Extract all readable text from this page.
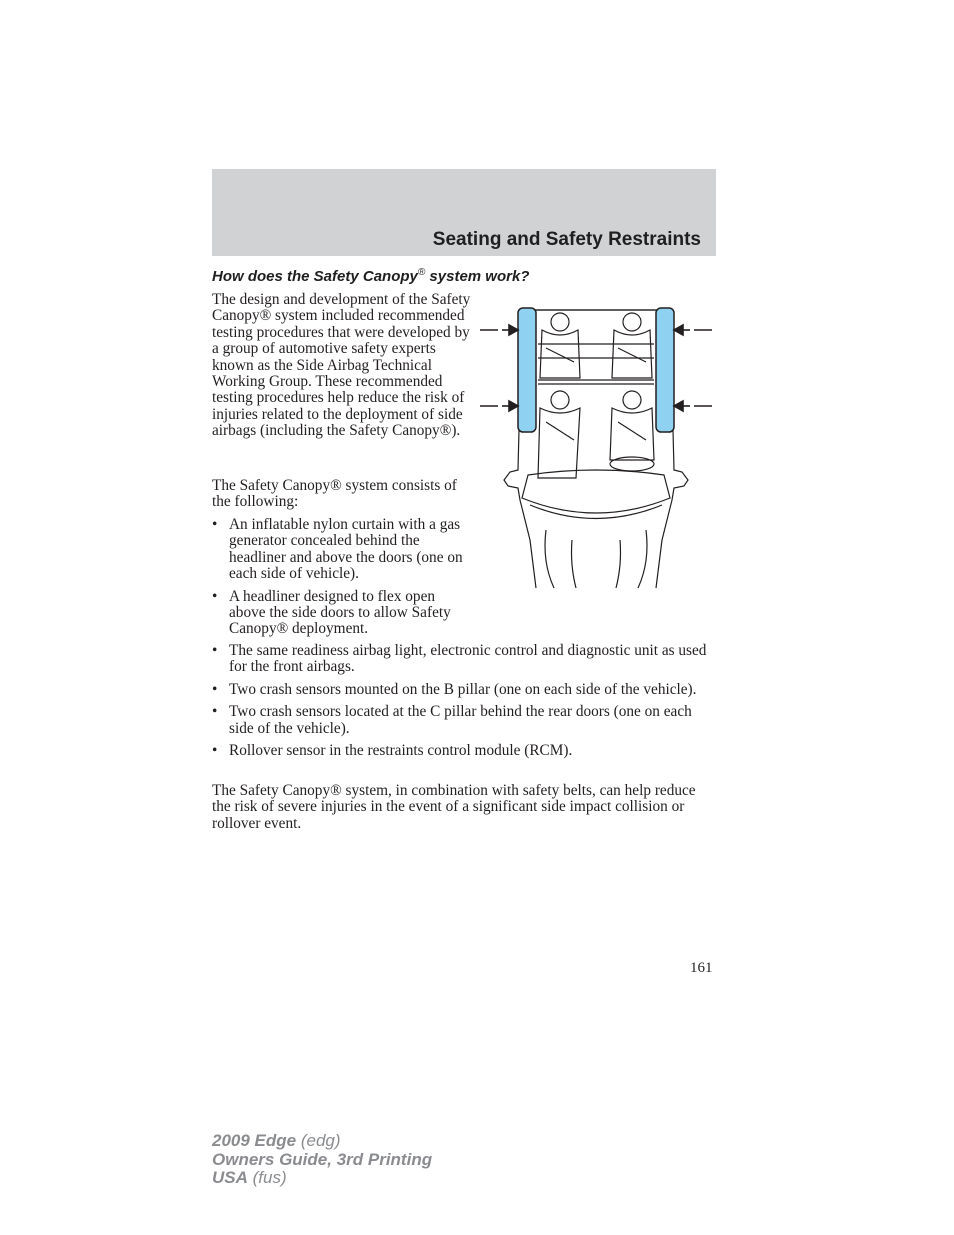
Seating and Safety Restraints
How does the Safety Canopy® system work?

The design and development of the Safety Canopy® system included recommended testing procedures that were developed by a group of automotive safety experts known as the Side Airbag Technical Working Group. These recommended testing procedures help reduce the risk of injuries related to the deployment of side airbags (including the Safety Canopy®).

The Safety Canopy® system consists of the following:

• An inflatable nylon curtain with a gas generator concealed behind the headliner and above the doors (one on each side of vehicle).
• A headliner designed to flex open above the side doors to allow Safety Canopy® deployment.
• The same readiness airbag light, electronic control and diagnostic unit as used for the front airbags.
• Two crash sensors mounted on the B pillar (one on each side of the vehicle).
• Two crash sensors located at the C pillar behind the rear doors (one on each side of the vehicle).
• Rollover sensor in the restraints control module (RCM).

The Safety Canopy® system, in combination with safety belts, can help reduce the risk of severe injuries in the event of a significant side impact collision or rollover event.

161
2009 Edge (edg)
Owners Guide, 3rd Printing
USA (fus)
